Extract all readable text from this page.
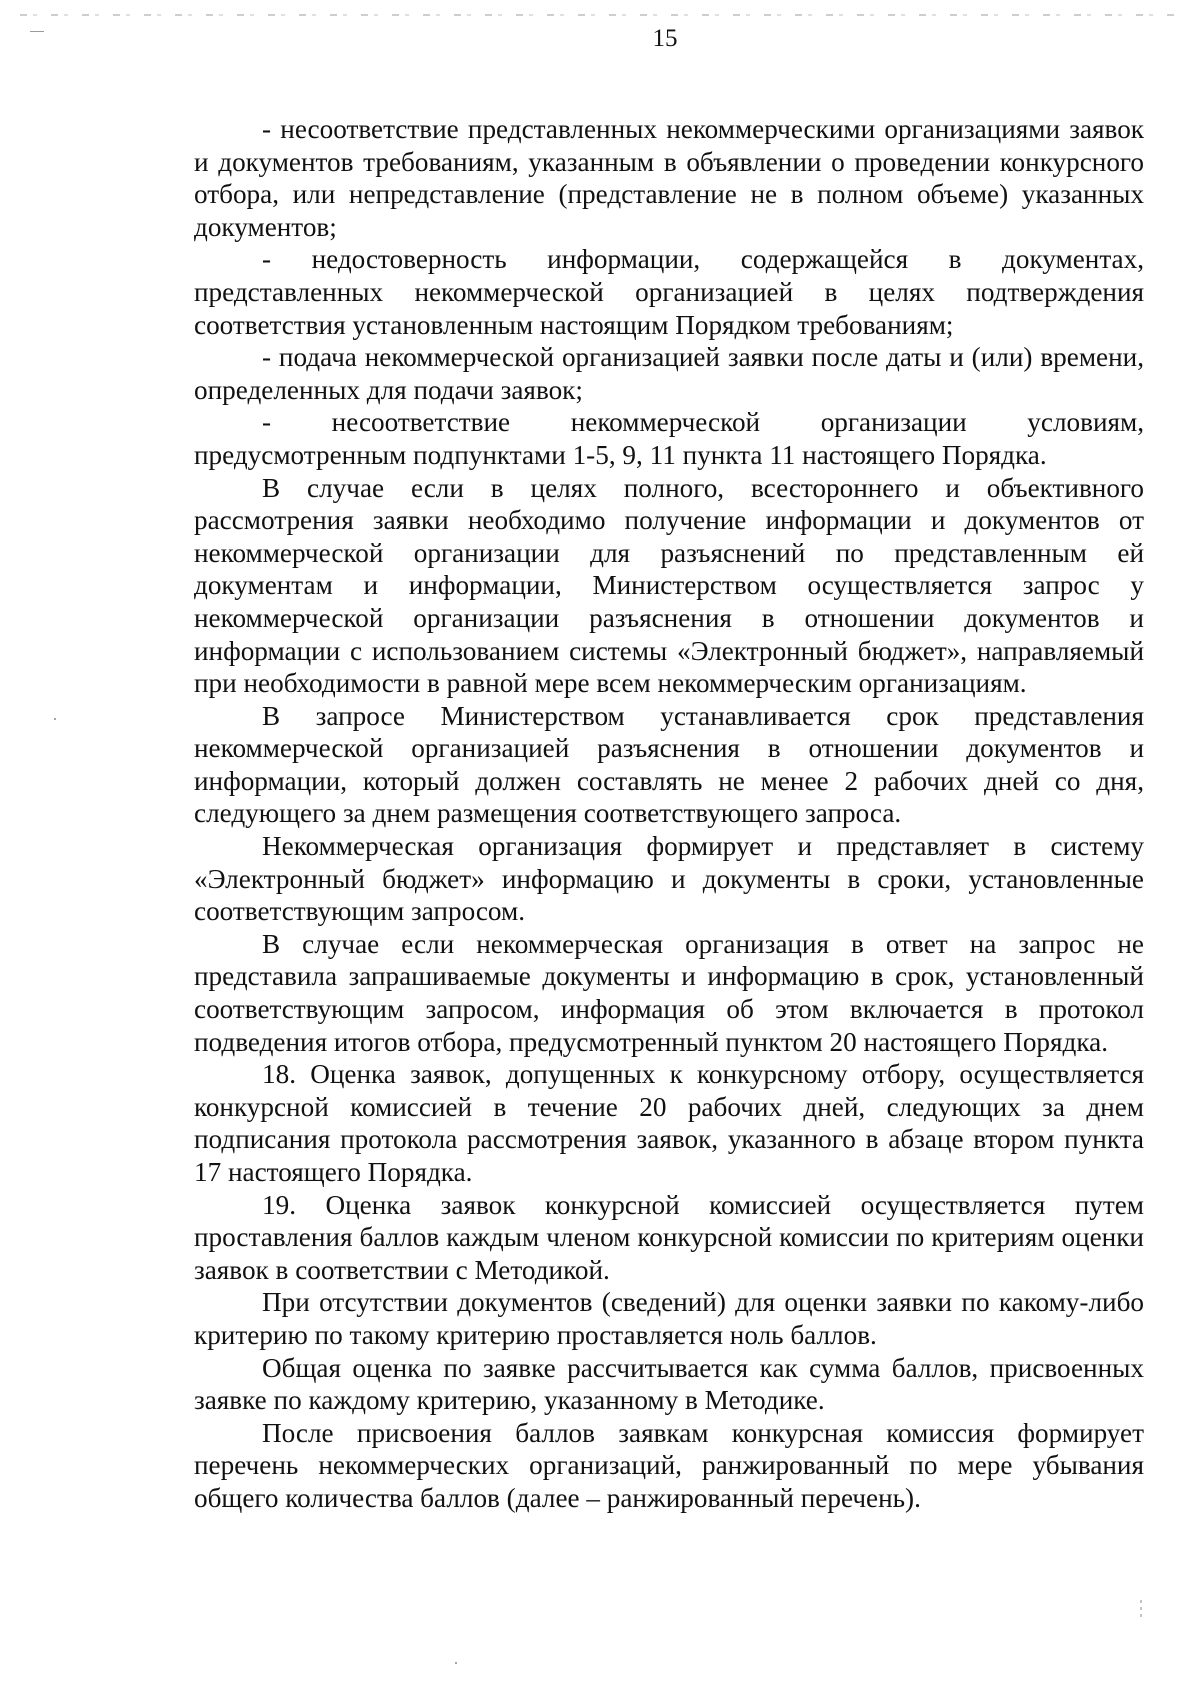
15

- несоответствие представленных некоммерческими организациями заявок и документов требованиям, указанным в объявлении о проведении конкурсного отбора, или непредставление (представление не в полном объеме) указанных документов;

- недостоверность информации, содержащейся в документах, представленных некоммерческой организацией в целях подтверждения соответствия установленным настоящим Порядком требованиям;

- подача некоммерческой организацией заявки после даты и (или) времени, определенных для подачи заявок;

- несоответствие некоммерческой организации условиям, предусмотренным подпунктами 1-5, 9, 11 пункта 11 настоящего Порядка.

В случае если в целях полного, всестороннего и объективного рассмотрения заявки необходимо получение информации и документов от некоммерческой организации для разъяснений по представленным ей документам и информации, Министерством осуществляется запрос у некоммерческой организации разъяснения в отношении документов и информации с использованием системы «Электронный бюджет», направляемый при необходимости в равной мере всем некоммерческим организациям.

В запросе Министерством устанавливается срок представления некоммерческой организацией разъяснения в отношении документов и информации, который должен составлять не менее 2 рабочих дней со дня, следующего за днем размещения соответствующего запроса.

Некоммерческая организация формирует и представляет в систему «Электронный бюджет» информацию и документы в сроки, установленные соответствующим запросом.

В случае если некоммерческая организация в ответ на запрос не представила запрашиваемые документы и информацию в срок, установленный соответствующим запросом, информация об этом включается в протокол подведения итогов отбора, предусмотренный пунктом 20 настоящего Порядка.

18. Оценка заявок, допущенных к конкурсному отбору, осуществляется конкурсной комиссией в течение 20 рабочих дней, следующих за днем подписания протокола рассмотрения заявок, указанного в абзаце втором пункта 17 настоящего Порядка.

19. Оценка заявок конкурсной комиссией осуществляется путем проставления баллов каждым членом конкурсной комиссии по критериям оценки заявок в соответствии с Методикой.

При отсутствии документов (сведений) для оценки заявки по какому-либо критерию по такому критерию проставляется ноль баллов.

Общая оценка по заявке рассчитывается как сумма баллов, присвоенных заявке по каждому критерию, указанному в Методике.

После присвоения баллов заявкам конкурсная комиссия формирует перечень некоммерческих организаций, ранжированный по мере убывания общего количества баллов (далее – ранжированный перечень).
